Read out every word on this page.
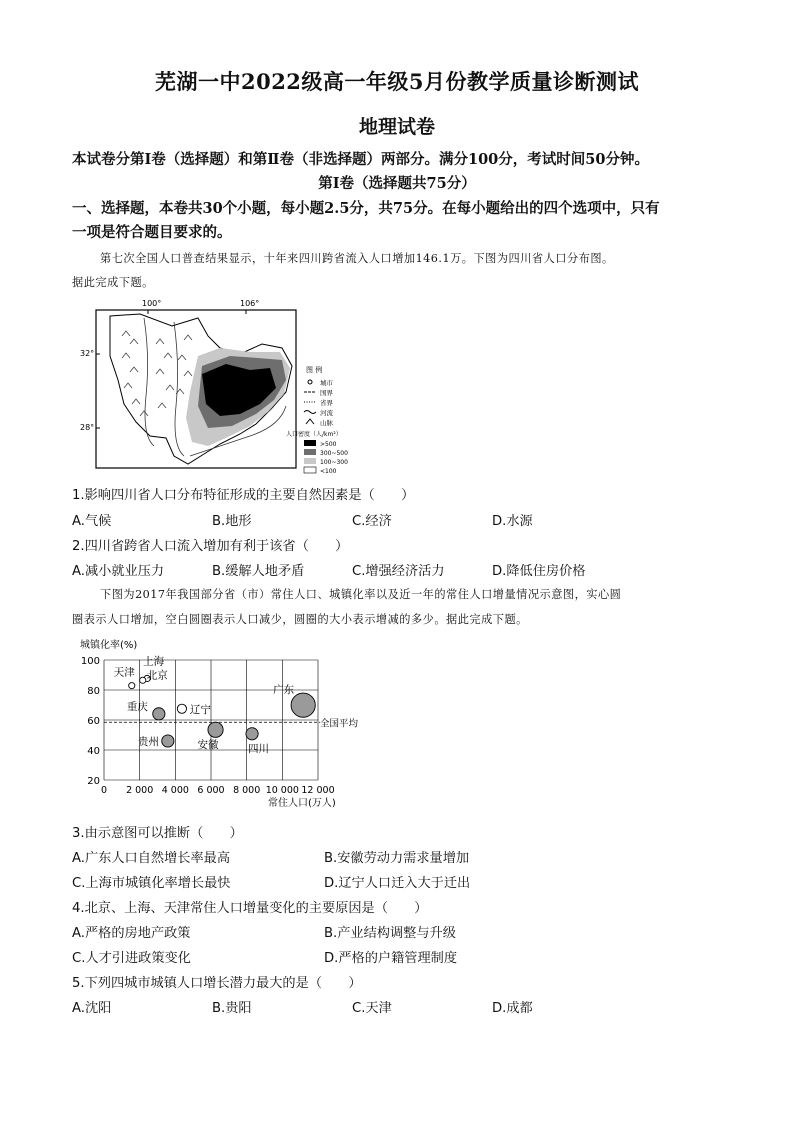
芜湖一中2022级高一年级5月份教学质量诊断测试
地理试卷
本试卷分第Ⅰ卷（选择题）和第Ⅱ卷（非选择题）两部分。满分100分，考试时间50分钟。
第Ⅰ卷（选择题共75分）
一、选择题，本卷共30个小题，每小题2.5分，共75分。在每小题给出的四个选项中，只有
一项是符合题目要求的。
第七次全国人口普查结果显示，十年来四川跨省流入人口增加146.1万。下图为四川省人口分布图。
据此完成下题。
100°	106°
32°
28°
图 例
城市
国界
省界
河流
山脉
人口密度（人/km²）
>500
300~500
100~300
<100
1.影响四川省人口分布特征形成的主要自然因素是（　　）
A.气候	B.地形	C.经济	D.水源
2.四川省跨省人口流入增加有利于该省（　　）
A.减小就业压力	B.缓解人地矛盾	C.增强经济活力	D.降低住房价格
下图为2017年我国部分省（市）常住人口、城镇化率以及近一年的常住人口增量情况示意图，实心圆
圈表示人口增加，空白圆圈表示人口减少，圆圈的大小表示增减的多少。据此完成下题。
城镇化率(%)
20
40
60
80
100
0 2 000 4 000 6 000 8 000 10 000 12 000
全国平均
天津
上海
北京
辽宁
重庆
贵州	安徽	四川
广东
常住人口(万人)
3.由示意图可以推断（　　）
A.广东人口自然增长率最高	B.安徽劳动力需求量增加
C.上海市城镇化率增长最快	D.辽宁人口迁入大于迁出
4.北京、上海、天津常住人口增量变化的主要原因是（　　）
A.严格的房地产政策	B.产业结构调整与升级
C.人才引进政策变化	D.严格的户籍管理制度
5.下列四城市城镇人口增长潜力最大的是（　　）
A.沈阳	B.贵阳	C.天津	D.成都
